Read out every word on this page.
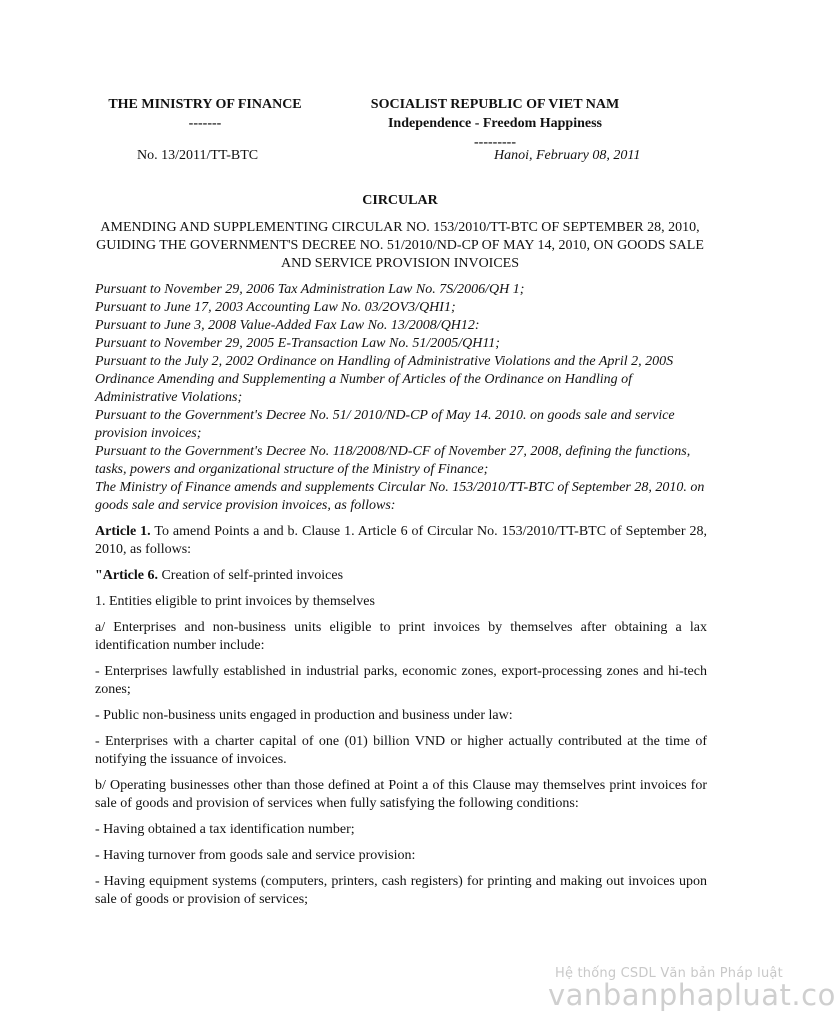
THE MINISTRY OF FINANCE
-------
SOCIALIST REPUBLIC OF VIET NAM
Independence - Freedom Happiness
---------
No. 13/2011/TT-BTC	Hanoi, February 08, 2011
CIRCULAR
AMENDING AND SUPPLEMENTING CIRCULAR NO. 153/2010/TT-BTC OF SEPTEMBER 28, 2010, GUIDING THE GOVERNMENT'S DECREE NO. 51/2010/ND-CP OF MAY 14, 2010, ON GOODS SALE AND SERVICE PROVISION INVOICES
Pursuant to November 29, 2006 Tax Administration Law No. 7S/2006/QH 1;
Pursuant to June 17, 2003 Accounting Law No. 03/2OV3/QHI1;
Pursuant to June 3, 2008 Value-Added Fax Law No. 13/2008/QH12:
Pursuant to November 29, 2005 E-Transaction Law No. 51/2005/QH11;
Pursuant to the July 2, 2002 Ordinance on Handling of Administrative Violations and the April 2, 200S Ordinance Amending and Supplementing a Number of Articles of the Ordinance on Handling of Administrative Violations;
Pursuant to the Government's Decree No. 51/ 2010/ND-CP of May 14. 2010. on goods sale and service provision invoices;
Pursuant to the Government's Decree No. 118/2008/ND-CF of November 27, 2008, defining the functions, tasks, powers and organizational structure of the Ministry of Finance;
The Ministry of Finance amends and supplements Circular No. 153/2010/TT-BTC of September 28, 2010. on goods sale and service provision invoices, as follows:

Article 1. To amend Points a and b. Clause 1. Article 6 of Circular No. 153/2010/TT-BTC of September 28, 2010, as follows:

"Article 6. Creation of self-printed invoices

1. Entities eligible to print invoices by themselves

a/ Enterprises and non-business units eligible to print invoices by themselves after obtaining a lax identification number include:

- Enterprises lawfully established in industrial parks, economic zones, export-processing zones and hi-tech zones;

- Public non-business units engaged in production and business under law:

- Enterprises with a charter capital of one (01) billion VND or higher actually contributed at the time of notifying the issuance of invoices.

b/ Operating businesses other than those defined at Point a of this Clause may themselves print invoices for sale of goods and provision of services when fully satisfying the following conditions:

- Having obtained a tax identification number;

- Having turnover from goods sale and service provision:

- Having equipment systems (computers, printers, cash registers) for printing and making out invoices upon sale of goods or provision of services;

Hệ thống CSDL Văn bản Pháp luật
vanbanphapluat.co
